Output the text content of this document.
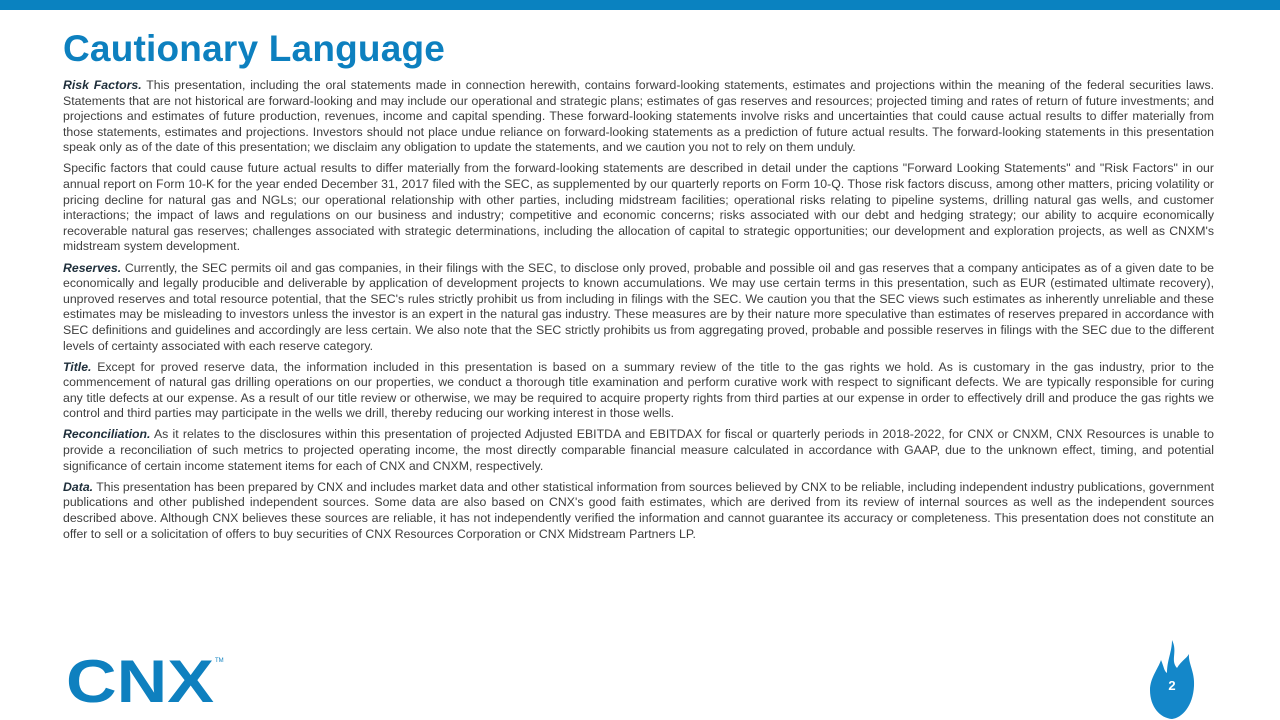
Cautionary Language

Risk Factors. This presentation, including the oral statements made in connection herewith, contains forward-looking statements, estimates and projections within the meaning of the federal securities laws. Statements that are not historical are forward-looking and may include our operational and strategic plans; estimates of gas reserves and resources; projected timing and rates of return of future investments; and projections and estimates of future production, revenues, income and capital spending. These forward-looking statements involve risks and uncertainties that could cause actual results to differ materially from those statements, estimates and projections. Investors should not place undue reliance on forward-looking statements as a prediction of future actual results. The forward-looking statements in this presentation speak only as of the date of this presentation; we disclaim any obligation to update the statements, and we caution you not to rely on them unduly.

Specific factors that could cause future actual results to differ materially from the forward-looking statements are described in detail under the captions "Forward Looking Statements" and "Risk Factors" in our annual report on Form 10-K for the year ended December 31, 2017 filed with the SEC, as supplemented by our quarterly reports on Form 10-Q. Those risk factors discuss, among other matters, pricing volatility or pricing decline for natural gas and NGLs; our operational relationship with other parties, including midstream facilities; operational risks relating to pipeline systems, drilling natural gas wells, and customer interactions; the impact of laws and regulations on our business and industry; competitive and economic concerns; risks associated with our debt and hedging strategy; our ability to acquire economically recoverable natural gas reserves; challenges associated with strategic determinations, including the allocation of capital to strategic opportunities; our development and exploration projects, as well as CNXM's midstream system development.

Reserves. Currently, the SEC permits oil and gas companies, in their filings with the SEC, to disclose only proved, probable and possible oil and gas reserves that a company anticipates as of a given date to be economically and legally producible and deliverable by application of development projects to known accumulations. We may use certain terms in this presentation, such as EUR (estimated ultimate recovery), unproved reserves and total resource potential, that the SEC's rules strictly prohibit us from including in filings with the SEC. We caution you that the SEC views such estimates as inherently unreliable and these estimates may be misleading to investors unless the investor is an expert in the natural gas industry. These measures are by their nature more speculative than estimates of reserves prepared in accordance with SEC definitions and guidelines and accordingly are less certain. We also note that the SEC strictly prohibits us from aggregating proved, probable and possible reserves in filings with the SEC due to the different levels of certainty associated with each reserve category.

Title. Except for proved reserve data, the information included in this presentation is based on a summary review of the title to the gas rights we hold. As is customary in the gas industry, prior to the commencement of natural gas drilling operations on our properties, we conduct a thorough title examination and perform curative work with respect to significant defects. We are typically responsible for curing any title defects at our expense. As a result of our title review or otherwise, we may be required to acquire property rights from third parties at our expense in order to effectively drill and produce the gas rights we control and third parties may participate in the wells we drill, thereby reducing our working interest in those wells.

Reconciliation. As it relates to the disclosures within this presentation of projected Adjusted EBITDA and EBITDAX for fiscal or quarterly periods in 2018-2022, for CNX or CNXM, CNX Resources is unable to provide a reconciliation of such metrics to projected operating income, the most directly comparable financial measure calculated in accordance with GAAP, due to the unknown effect, timing, and potential significance of certain income statement items for each of CNX and CNXM, respectively.

Data. This presentation has been prepared by CNX and includes market data and other statistical information from sources believed by CNX to be reliable, including independent industry publications, government publications and other published independent sources. Some data are also based on CNX's good faith estimates, which are derived from its review of internal sources as well as the independent sources described above. Although CNX believes these sources are reliable, it has not independently verified the information and cannot guarantee its accuracy or completeness. This presentation does not constitute an offer to sell or a solicitation of offers to buy securities of CNX Resources Corporation or CNX Midstream Partners LP.

CNX TM
2
